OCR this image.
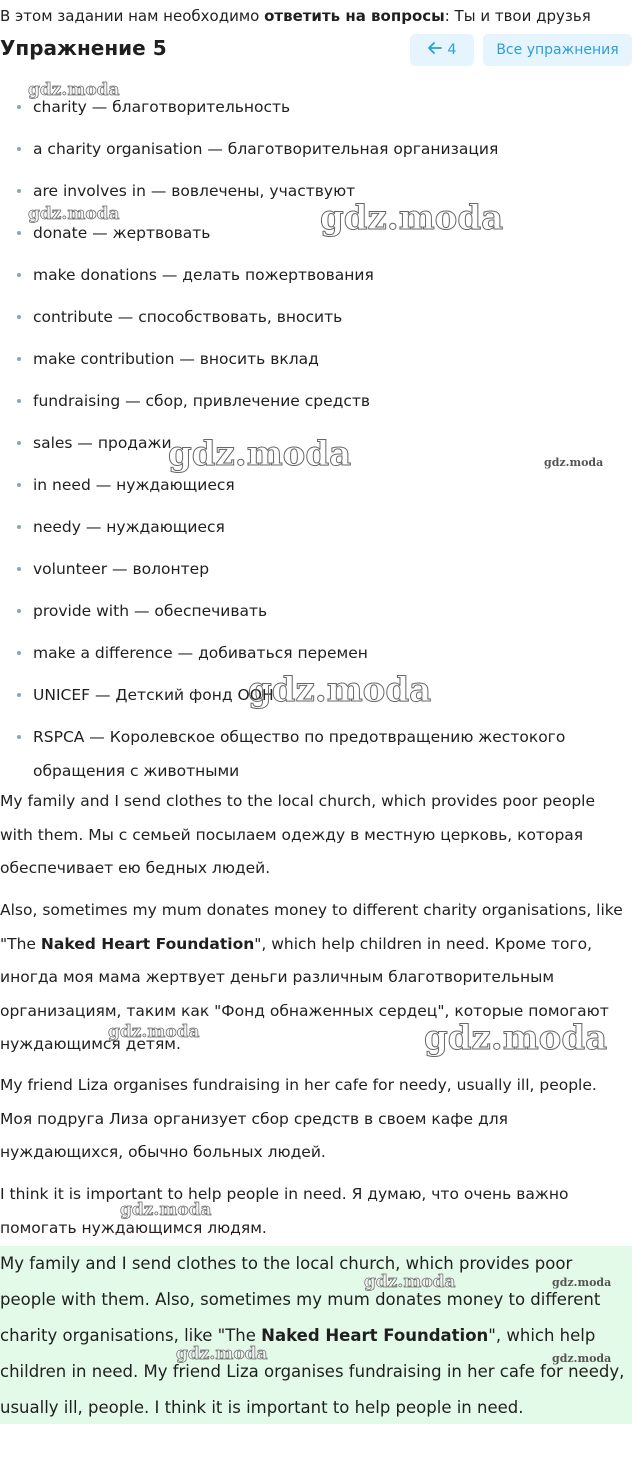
В этом задании нам необходимо ответить на вопросы: Ты и твои друзья
Упражнение 5	4	Все упражнения
charity — благотворительность
a charity organisation — благотворительная организация
are involves in — вовлечены, участвуют
donate — жертвовать
make donations — делать пожертвования
contribute — способствовать, вносить
make contribution — вносить вклад
fundraising — сбор, привлечение средств
sales — продажи
in need — нуждающиеся
needy — нуждающиеся
volunteer — волонтер
provide with — обеспечивать
make a difference — добиваться перемен
UNICEF — Детский фонд ООН
RSPCA — Королевское общество по предотвращению жестокого обращения с животными

My family and I send clothes to the local church, which provides poor people with them. Мы с семьей посылаем одежду в местную церковь, которая обеспечивает ею бедных людей.

Also, sometimes my mum donates money to different charity organisations, like "The Naked Heart Foundation", which help children in need. Кроме того, иногда моя мама жертвует деньги различным благотворительным организациям, таким как "Фонд обнаженных сердец", которые помогают нуждающимся детям.

My friend Liza organises fundraising in her cafe for needy, usually ill, people. Моя подруга Лиза организует сбор средств в своем кафе для нуждающихся, обычно больных людей.

I think it is important to help people in need. Я думаю, что очень важно помогать нуждающимся людям.

My family and I send clothes to the local church, which provides poor people with them. Also, sometimes my mum donates money to different charity organisations, like "The Naked Heart Foundation", which help children in need. My friend Liza organises fundraising in her cafe for needy, usually ill, people. I think it is important to help people in need.

gdz.moda
gdz.moda	gdz.moda
gdz.moda	gdz.moda
gdz.moda
gdz.moda	gdz.moda
gdz.moda
gdz.moda	gdz.moda
gdz.moda	gdz.moda
